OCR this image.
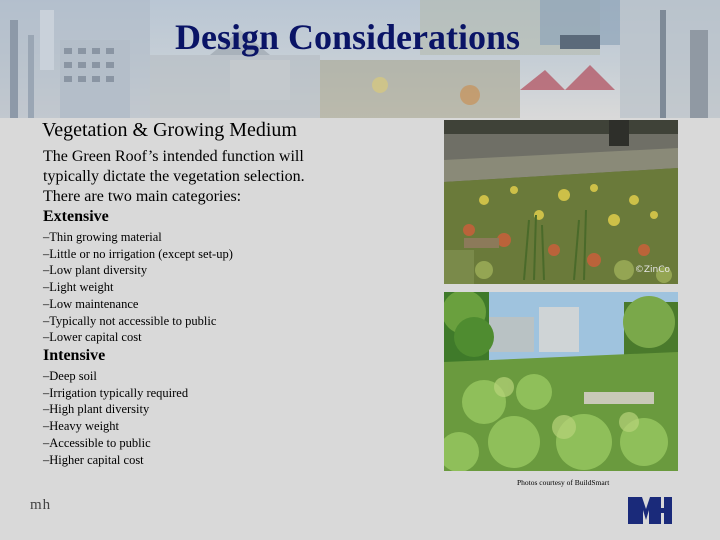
Design Considerations
Vegetation & Growing Medium
The Green Roof’s intended function will
typically dictate the vegetation selection.
There are two main categories:
Extensive
–Thin growing material
–Little or no irrigation (except set-up)
–Low plant diversity
–Light weight
–Low maintenance
–Typically not accessible to public
–Lower capital cost
Intensive
–Deep soil
–Irrigation typically required
–High plant diversity
–Heavy weight
–Accessible to public
–Higher capital cost
©ZinCo
Photos courtesy of BuildSmart
mh
